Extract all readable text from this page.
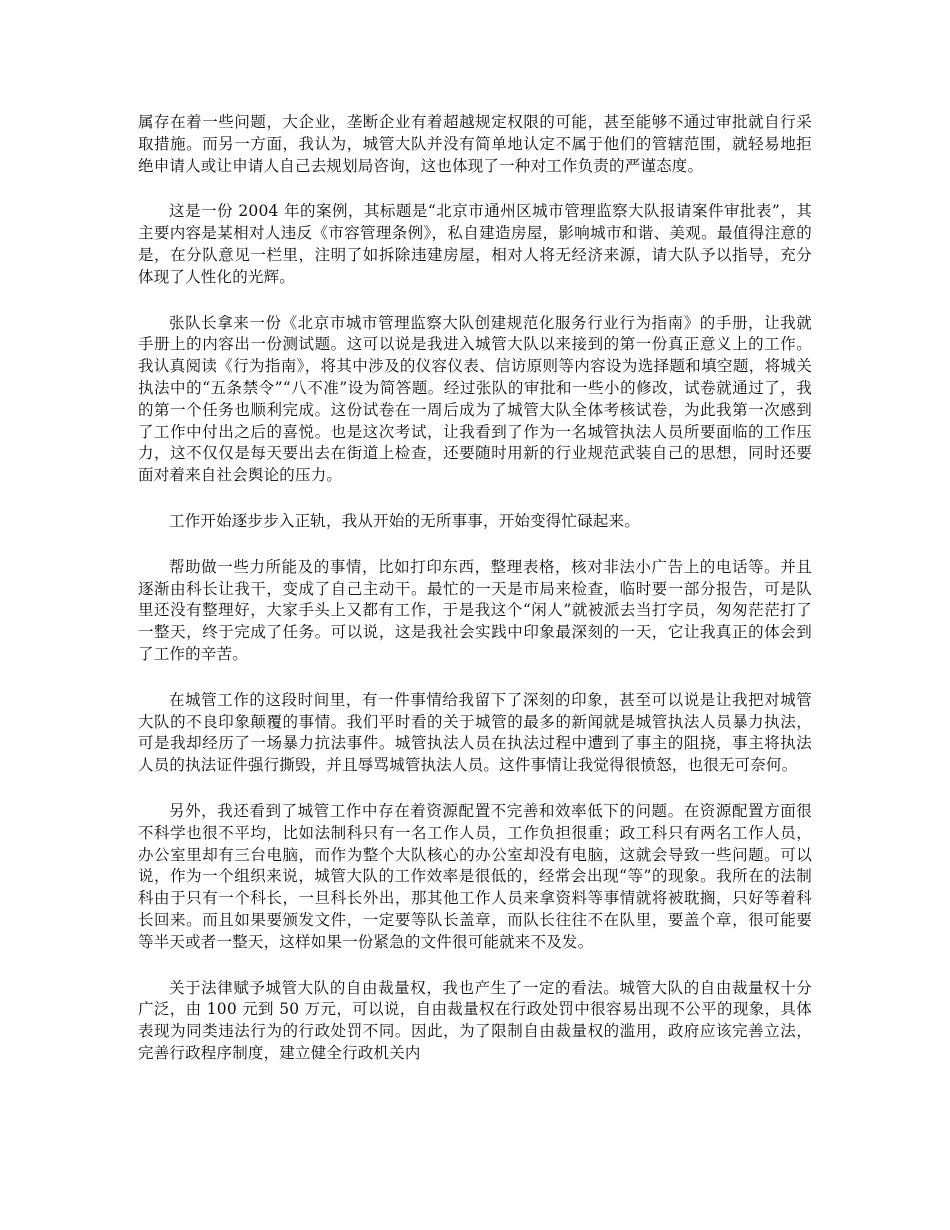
属存在着一些问题，大企业，垄断企业有着超越规定权限的可能，甚至能够不通过审批就自行采取措施。而另一方面，我认为，城管大队并没有简单地认定不属于他们的管辖范围，就轻易地拒绝申请人或让申请人自己去规划局咨询，这也体现了一种对工作负责的严谨态度。

这是一份 2004 年的案例，其标题是“北京市通州区城市管理监察大队报请案件审批表”，其主要内容是某相对人违反《市容管理条例》，私自建造房屋，影响城市和谐、美观。最值得注意的是，在分队意见一栏里，注明了如拆除违建房屋，相对人将无经济来源，请大队予以指导，充分体现了人性化的光辉。

张队长拿来一份《北京市城市管理监察大队创建规范化服务行业行为指南》的手册，让我就手册上的内容出一份测试题。这可以说是我进入城管大队以来接到的第一份真正意义上的工作。我认真阅读《行为指南》，将其中涉及的仪容仪表、信访原则等内容设为选择题和填空题，将城关执法中的“五条禁令”“八不准”设为简答题。经过张队的审批和一些小的修改，试卷就通过了，我的第一个任务也顺利完成。这份试卷在一周后成为了城管大队全体考核试卷，为此我第一次感到了工作中付出之后的喜悦。也是这次考试，让我看到了作为一名城管执法人员所要面临的工作压力，这不仅仅是每天要出去在街道上检查，还要随时用新的行业规范武装自己的思想，同时还要面对着来自社会舆论的压力。

工作开始逐步步入正轨，我从开始的无所事事，开始变得忙碌起来。

帮助做一些力所能及的事情，比如打印东西，整理表格，核对非法小广告上的电话等。并且逐渐由科长让我干，变成了自己主动干。最忙的一天是市局来检查，临时要一部分报告，可是队里还没有整理好，大家手头上又都有工作，于是我这个“闲人”就被派去当打字员，匆匆茫茫打了一整天，终于完成了任务。可以说，这是我社会实践中印象最深刻的一天，它让我真正的体会到了工作的辛苦。

在城管工作的这段时间里，有一件事情给我留下了深刻的印象，甚至可以说是让我把对城管大队的不良印象颠覆的事情。我们平时看的关于城管的最多的新闻就是城管执法人员暴力执法，可是我却经历了一场暴力抗法事件。城管执法人员在执法过程中遭到了事主的阻挠，事主将执法人员的执法证件强行撕毁，并且辱骂城管执法人员。这件事情让我觉得很愤怒，也很无可奈何。

另外，我还看到了城管工作中存在着资源配置不完善和效率低下的问题。在资源配置方面很不科学也很不平均，比如法制科只有一名工作人员，工作负担很重；政工科只有两名工作人员，办公室里却有三台电脑，而作为整个大队核心的办公室却没有电脑，这就会导致一些问题。可以说，作为一个组织来说，城管大队的工作效率是很低的，经常会出现“等”的现象。我所在的法制科由于只有一个科长，一旦科长外出，那其他工作人员来拿资料等事情就将被耽搁，只好等着科长回来。而且如果要颁发文件，一定要等队长盖章，而队长往往不在队里，要盖个章，很可能要等半天或者一整天，这样如果一份紧急的文件很可能就来不及发。

关于法律赋予城管大队的自由裁量权，我也产生了一定的看法。城管大队的自由裁量权十分广泛，由 100 元到 50 万元，可以说，自由裁量权在行政处罚中很容易出现不公平的现象，具体表现为同类违法行为的行政处罚不同。因此，为了限制自由裁量权的滥用，政府应该完善立法，完善行政程序制度，建立健全行政机关内
